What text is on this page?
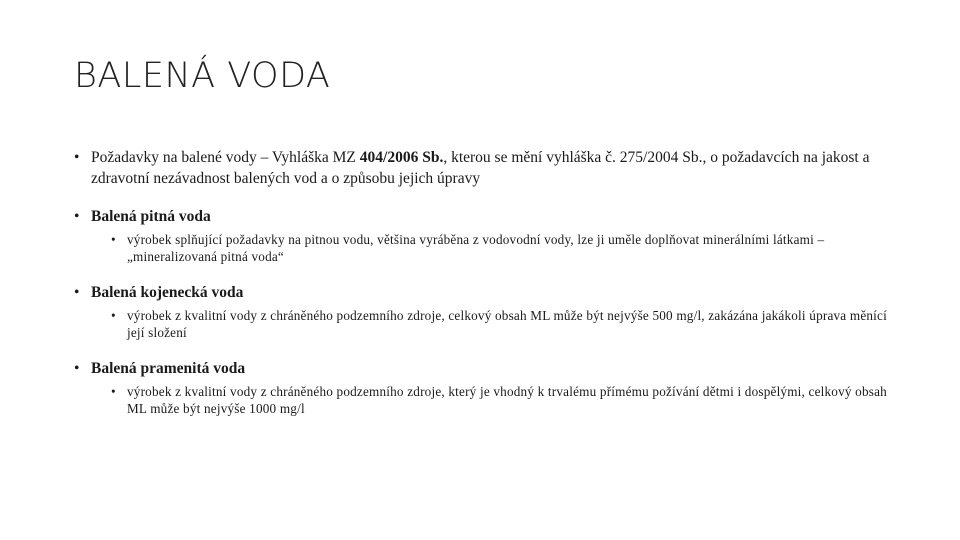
BALENÁ VODA
• Požadavky na balené vody – Vyhláška MZ 404/2006 Sb., kterou se mění vyhláška č. 275/2004 Sb., o požadavcích na jakost a zdravotní nezávadnost balených vod a o způsobu jejich úpravy
• Balená pitná voda
• výrobek splňující požadavky na pitnou vodu, většina vyráběna z vodovodní vody, lze ji uměle doplňovat minerálními látkami – „mineralizovaná pitná voda“
• Balená kojenecká voda
• výrobek z kvalitní vody z chráněného podzemního zdroje, celkový obsah ML může být nejvýše 500 mg/l, zakázána jakákoli úprava měnící její složení
• Balená pramenitá voda
• výrobek z kvalitní vody z chráněného podzemního zdroje, který je vhodný k trvalému přímému požívání dětmi i dospělými, celkový obsah ML může být nejvýše 1000 mg/l
